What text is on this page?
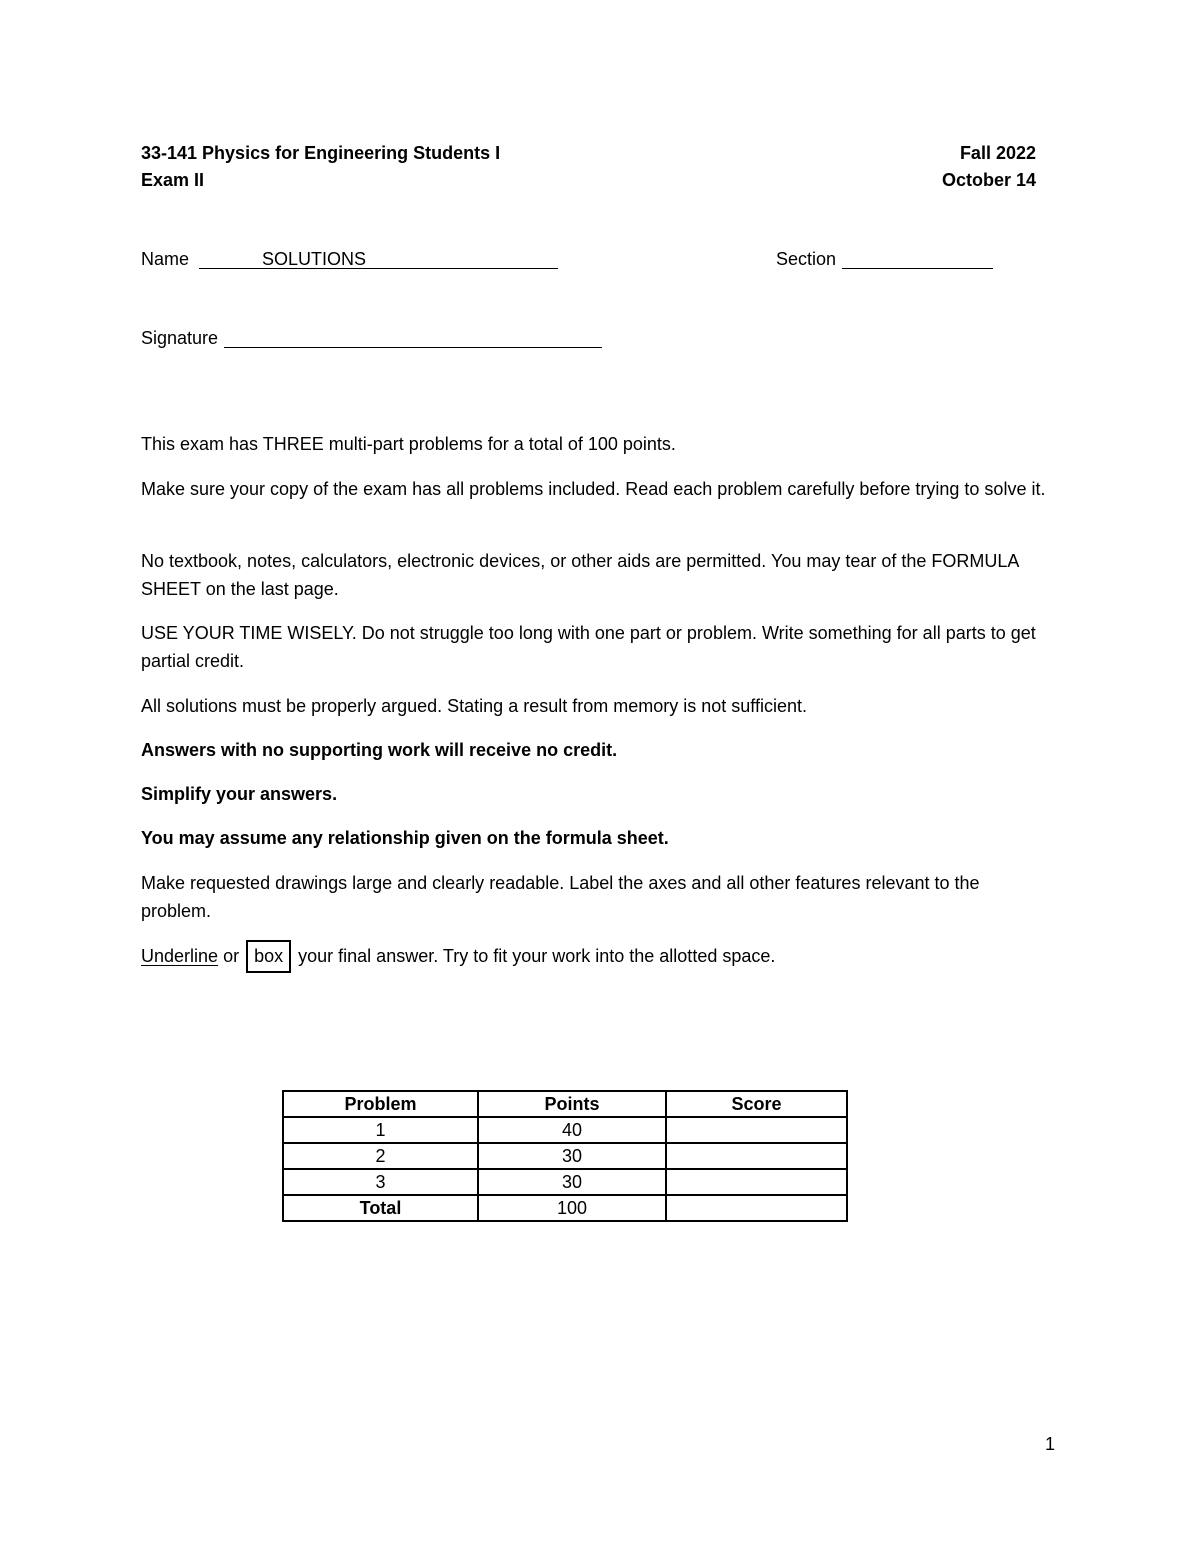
33-141 Physics for Engineering Students I	Fall 2022
Exam II	October 14
Name	SOLUTIONS	Section
Signature
This exam has THREE multi-part problems for a total of 100 points.
Make sure your copy of the exam has all problems included. Read each problem carefully before trying to solve it.
No textbook, notes, calculators, electronic devices, or other aids are permitted. You may tear of the FORMULA SHEET on the last page.
USE YOUR TIME WISELY. Do not struggle too long with one part or problem. Write something for all parts to get partial credit.
All solutions must be properly argued. Stating a result from memory is not sufficient.
Answers with no supporting work will receive no credit.
Simplify your answers.
You may assume any relationship given on the formula sheet.
Make requested drawings large and clearly readable. Label the axes and all other features relevant to the problem.
Underline or box your final answer. Try to fit your work into the allotted space.
Problem	Points	Score
1	40	
2	30	
3	30	
Total	100	
1
